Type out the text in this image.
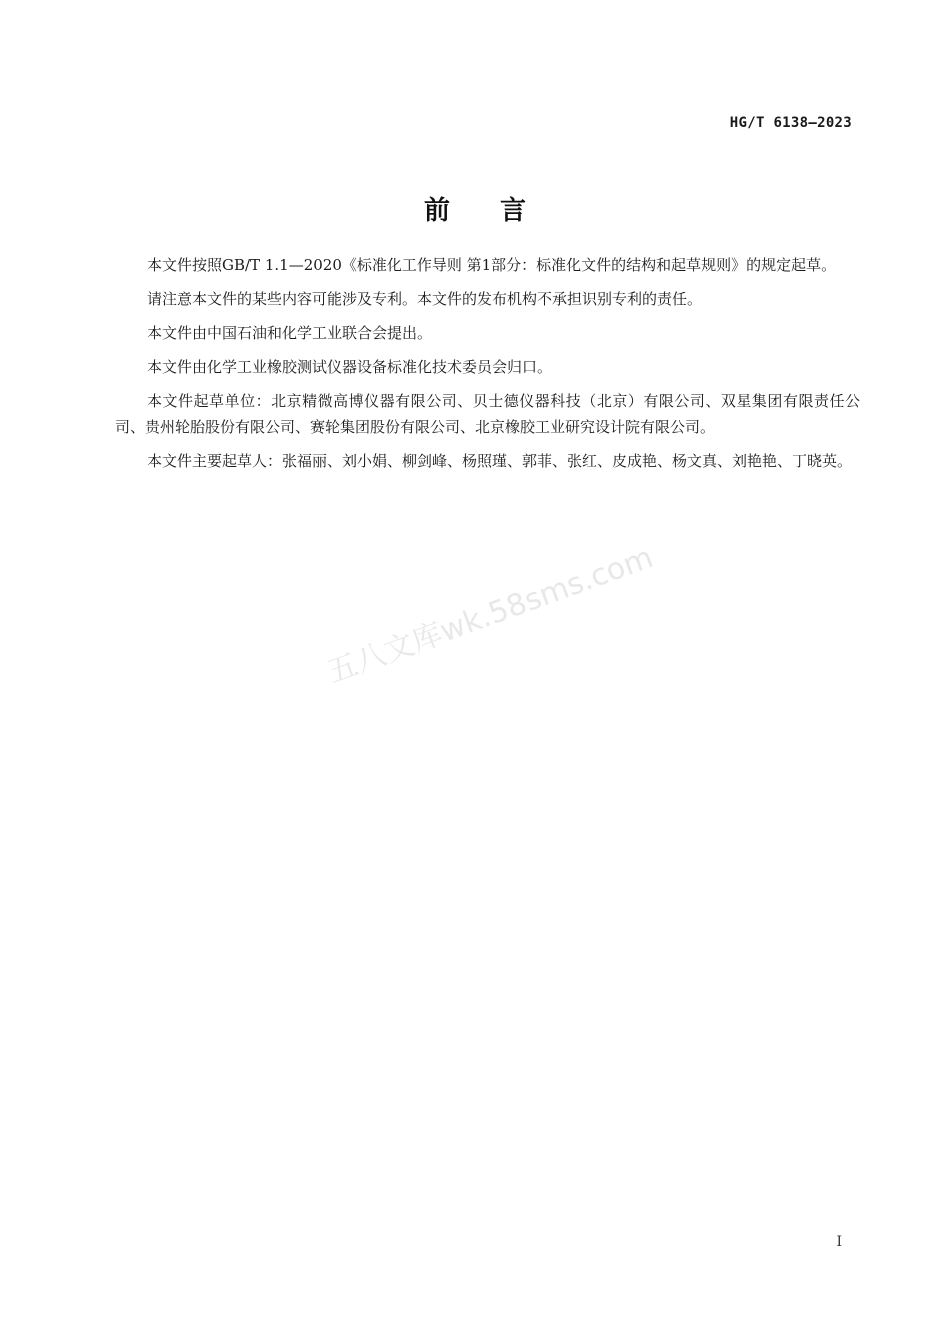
HG/T 6138—2023
前言

本文件按照GB/T 1.1—2020《标准化工作导则 第1部分：标准化文件的结构和起草规则》的规定起草。

请注意本文件的某些内容可能涉及专利。本文件的发布机构不承担识别专利的责任。

本文件由中国石油和化学工业联合会提出。

本文件由化学工业橡胶测试仪器设备标准化技术委员会归口。

本文件起草单位：北京精微高博仪器有限公司、贝士德仪器科技（北京）有限公司、双星集团有限责任公司、贵州轮胎股份有限公司、赛轮集团股份有限公司、北京橡胶工业研究设计院有限公司。

本文件主要起草人：张福丽、刘小娟、柳剑峰、杨照瑾、郭菲、张红、皮成艳、杨文真、刘艳艳、丁晓英。

五八文库wk.58sms.com
I
